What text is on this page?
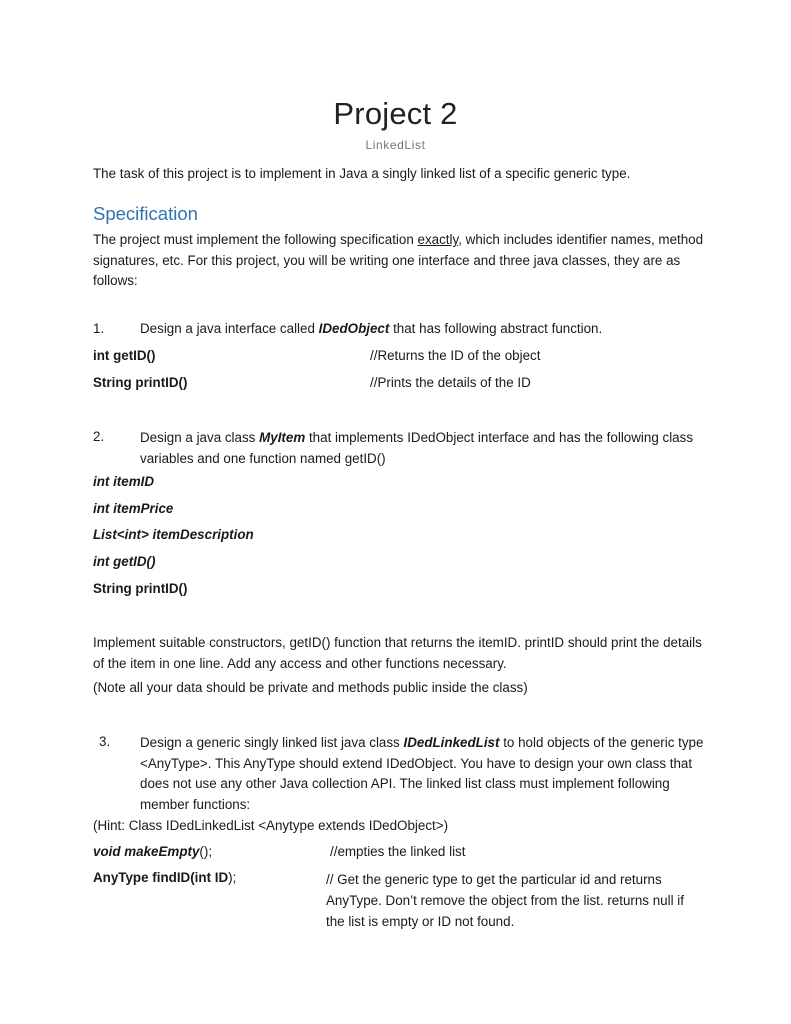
Project 2
LinkedList
The task of this project is to implement in Java a singly linked list of a specific generic type.
Specification
The project must implement the following specification exactly, which includes identifier names, method signatures, etc. For this project, you will be writing one interface and three java classes, they are as follows:
1.	Design a java interface called IDedObject that has following abstract function.
int getID()	//Returns the ID of the object
String printID()	//Prints the details of the ID
2.	Design a java class MyItem that implements IDedObject interface and has the following class variables and one function named getID()
int itemID
int itemPrice
List<int> itemDescription
int getID()
String printID()
Implement suitable constructors, getID() function that returns the itemID. printID should print the details of the item in one line. Add any access and other functions necessary.
(Note all your data should be private and methods public inside the class)
3. Design a generic singly linked list java class IDedLinkedList to hold objects of the generic type <AnyType>. This AnyType should extend IDedObject. You have to design your own class that does not use any other Java collection API. The linked list class must implement following member functions:
(Hint: Class IDedLinkedList <Anytype extends IDedObject>)
void makeEmpty();	//empties the linked list
AnyType findID(int ID);	// Get the generic type to get the particular id and returns AnyType. Don’t remove the object from the list. returns null if the list is empty or ID not found.
